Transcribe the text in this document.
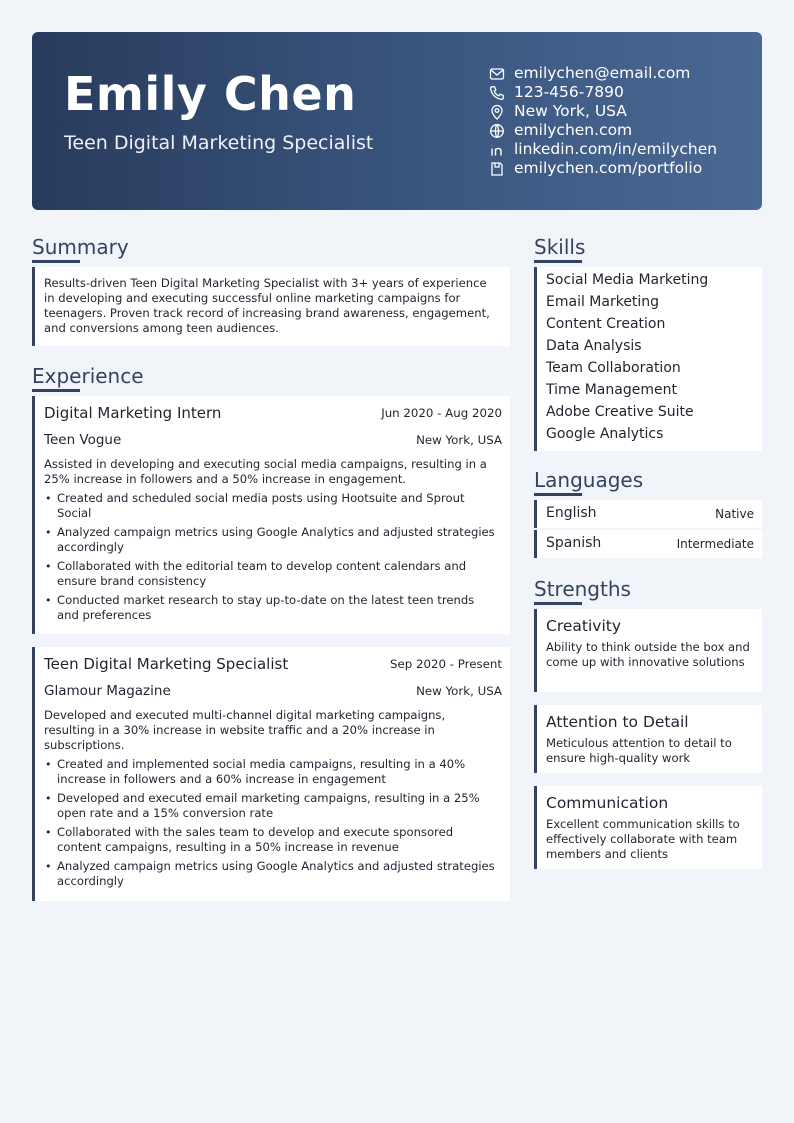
Emily Chen
Teen Digital Marketing Specialist
emilychen@email.com
123-456-7890
New York, USA
emilychen.com
linkedin.com/in/emilychen
emilychen.com/portfolio
Summary
Results-driven Teen Digital Marketing Specialist with 3+ years of experience in developing and executing successful online marketing campaigns for teenagers. Proven track record of increasing brand awareness, engagement, and conversions among teen audiences.
Experience
Digital Marketing Intern	Jun 2020 - Aug 2020
Teen Vogue	New York, USA
Assisted in developing and executing social media campaigns, resulting in a 25% increase in followers and a 50% increase in engagement.
• Created and scheduled social media posts using Hootsuite and Sprout Social
• Analyzed campaign metrics using Google Analytics and adjusted strategies accordingly
• Collaborated with the editorial team to develop content calendars and ensure brand consistency
• Conducted market research to stay up-to-date on the latest teen trends and preferences
Teen Digital Marketing Specialist	Sep 2020 - Present
Glamour Magazine	New York, USA
Developed and executed multi-channel digital marketing campaigns, resulting in a 30% increase in website traffic and a 20% increase in subscriptions.
• Created and implemented social media campaigns, resulting in a 40% increase in followers and a 60% increase in engagement
• Developed and executed email marketing campaigns, resulting in a 25% open rate and a 15% conversion rate
• Collaborated with the sales team to develop and execute sponsored content campaigns, resulting in a 50% increase in revenue
• Analyzed campaign metrics using Google Analytics and adjusted strategies accordingly
Skills
Social Media Marketing
Email Marketing
Content Creation
Data Analysis
Team Collaboration
Time Management
Adobe Creative Suite
Google Analytics
Languages
English	Native
Spanish	Intermediate
Strengths
Creativity
Ability to think outside the box and come up with innovative solutions
Attention to Detail
Meticulous attention to detail to ensure high-quality work
Communication
Excellent communication skills to effectively collaborate with team members and clients
